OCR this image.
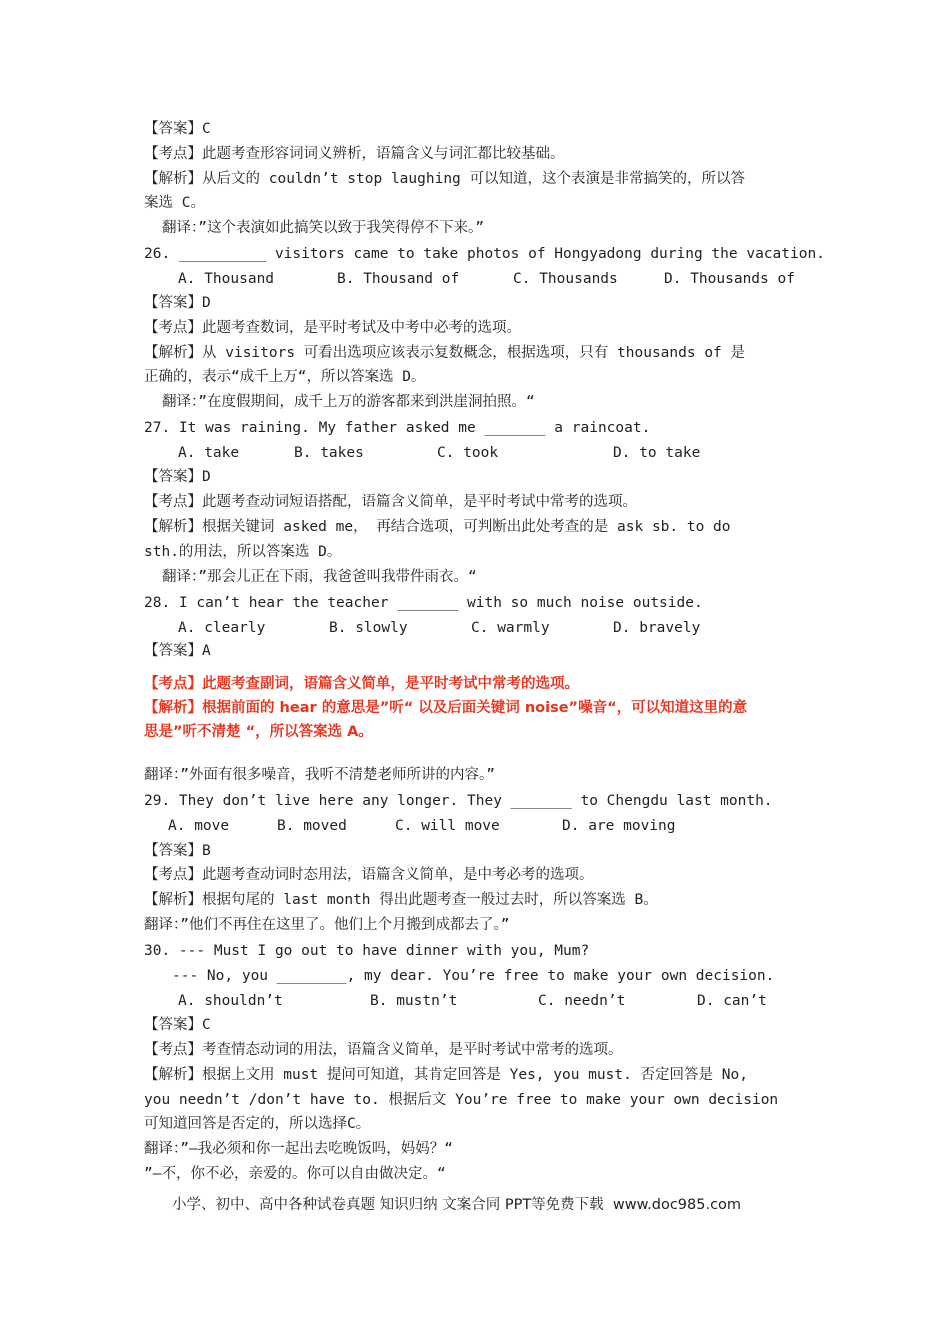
【答案】C
【考点】此题考查形容词词义辨析，语篇含义与词汇都比较基础。
【解析】从后文的 couldn’t stop laughing 可以知道，这个表演是非常搞笑的，所以答
案选 C。
翻译：”这个表演如此搞笑以致于我笑得停不下来。”
26. __________ visitors came to take photos of Hongyadong during the vacation.
A. Thousand	B. Thousand of	C. Thousands	D. Thousands of
【答案】D
【考点】此题考查数词，是平时考试及中考中必考的选项。
【解析】从 visitors 可看出选项应该表示复数概念，根据选项，只有 thousands of 是
正确的，表示“成千上万“，所以答案选 D。
翻译：”在度假期间，成千上万的游客都来到洪崖洞拍照。“
27. It was raining. My father asked me _______ a raincoat.
A. take	B. takes	C. took	D. to take
【答案】D
【考点】此题考查动词短语搭配，语篇含义简单，是平时考试中常考的选项。
【解析】根据关键词 asked me， 再结合选项，可判断出此处考查的是 ask sb. to do
sth.的用法，所以答案选 D。
翻译：”那会儿正在下雨，我爸爸叫我带件雨衣。“
28. I can’t hear the teacher _______ with so much noise outside.
A. clearly	B. slowly	C. warmly	D. bravely
【答案】A
【考点】此题考查副词，语篇含义简单，是平时考试中常考的选项。
【解析】根据前面的 hear 的意思是”听“ 以及后面关键词 noise”噪音“，可以知道这里的意
思是”听不清楚 “，所以答案选 A。
翻译：”外面有很多噪音，我听不清楚老师所讲的内容。”
29. They don’t live here any longer. They _______ to Chengdu last month.
A. move	B. moved	C. will move	D. are moving
【答案】B
【考点】此题考查动词时态用法，语篇含义简单，是中考必考的选项。
【解析】根据句尾的 last month 得出此题考查一般过去时，所以答案选 B。
翻译：”他们不再住在这里了。他们上个月搬到成都去了。”
30. --- Must I go out to have dinner with you, Mum?
--- No, you ________, my dear. You’re free to make your own decision.
A. shouldn’t	B. mustn’t	C. needn’t	D. can’t
【答案】C
【考点】考查情态动词的用法，语篇含义简单，是平时考试中常考的选项。
【解析】根据上文用 must 提问可知道，其肯定回答是 Yes, you must. 否定回答是 No,
you needn’t /don’t have to. 根据后文 You’re free to make your own decision
可知道回答是否定的，所以选择C。
翻译：”—我必须和你一起出去吃晚饭吗，妈妈？“
”—不，你不必，亲爱的。你可以自由做决定。“
小学、初中、高中各种试卷真题 知识归纳 文案合同 PPT等免费下载  www.doc985.com
